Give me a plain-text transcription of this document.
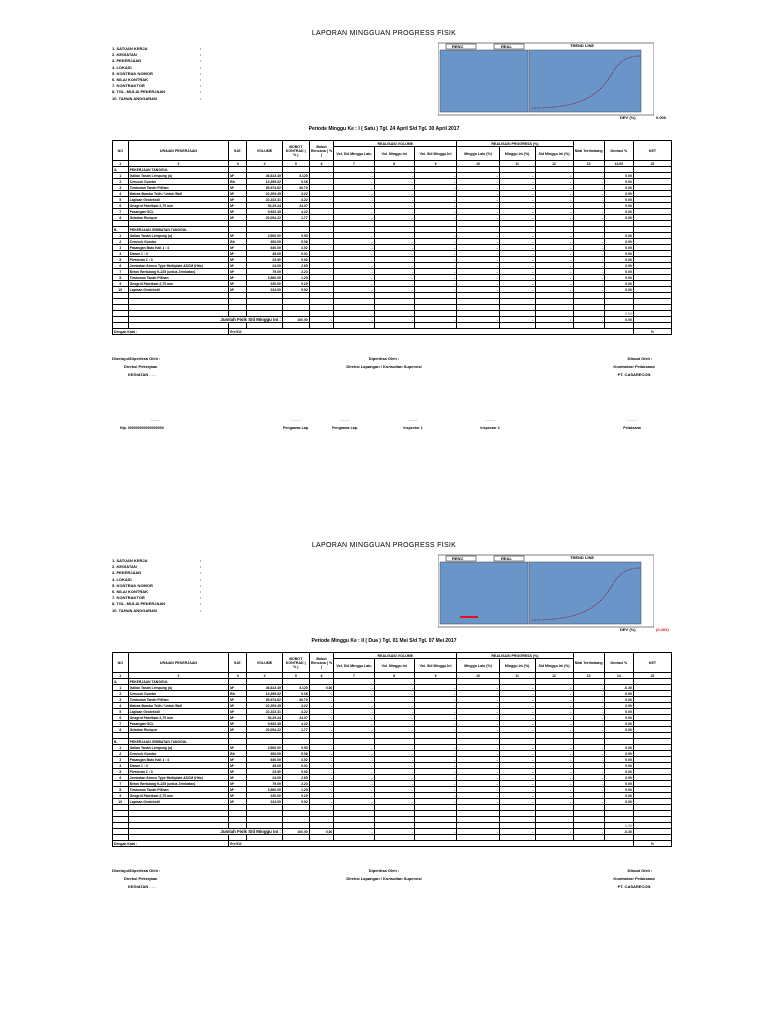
LAPORAN MINGGUAN PROGRESS FISIK
1. SATUAN KERJA	:
2. KEGIATAN	:
3. PEKERJAAN	:
4. LOKASI	:
5. KONTRAK NOMOR	:
6. NILAI KONTRAK	:
7. KONTRAKTOR	:
8. TGL. MULAI PEKERJAAN	:
10. TAHUN ANGGARAN	:
RENC	REAL	TREND LINE
DEV (%)	0.000
Periode Minggu Ke : I ( Satu ) Tgl. 24 April S/d Tgl. 30 April 2017
NO	URAIAN PEKERJAAN	SAT.	VOLUME	BOBOT KONTRAK ( % )	Bobot Rencana ( % )	REALISASI VOLUME			REALISASI PROGRESS (%)			Nilai Tertimbang	Deviasi %	KET
						Vol. S/d Minggu Lalu	Vol. Minggu Ini	Vol. S/d Minggu Ini	Minggu Lalu (%)	Minggu Ini (%)	S/d Minggu Ini (%)			
1	2	3	4	5	6	7	8	9	10	11	12	13	14.00	15
A.	PEKERJAAN TANGGUL													
1	Galian Tanah Lempung (a)	M³	46,813.45	3.125		-	-	-	-	-	-	-	0.00	
2	Cerucuk Gumbo	Bh	14,395.02	0.36		-	-	-	-	-	-	-	0.00	
3	Timbunan Tanah Pilihan	M³	95,974.62	40.70		-	-	-	-	-	-	-	0.00	
4	Matras Bambu Telih / Untuk Wall	M²	22,209.45	4.22		-	-	-	-	-	-	-	0.00	
5	Lapisan Geotekstil	M²	22,222.31	4.22		-	-	-	-	-	-	-	0.00	
6	Geogrid Fabrikasi 2,75 mm	M²	52,29.34	24.07		-	-	-	-	-	-	-	0.00	
7	Pasangan GCL	M²	9,932.45	4.22		-	-	-	-	-	-	-	0.00	
8	Gebalan Rumput	M²	20,054.22	1.77		-	-	-	-	-	-	-	0.00	

B.	PEKERJAAN JEMBATAN TANGGUL													
1	Galian Tanah Lempung (a)	M³	2,500.00	0.55		-	-	-	-	-	-	-	0.00	
2	Cerucuk Gumbo	Bh	400.00	0.06		-	-	-	-	-	-	-	0.00	
3	Pasangan Batu Kali 1 : 4	M³	640.00	2.02		-	-	-	-	-	-	-	0.00	
4	Siaran 1 : 3	M²	45.00	0.01		-	-	-	-	-	-	-	0.00	
5	Plesteran 1 : 3	M²	23.50	0.00		-	-	-	-	-	-	-	0.00	
6	Jembatan Armco Type Multiplate ASCM (Hits)	M¹	24.00	2.65		-	-	-	-	-	-	-	0.00	
7	Beton Bertulang K-225 (untuk Jembatan)	M³	79.00	2.23		-	-	-	-	-	-	-	0.00	
8	Timbunan Tanah Pilihan	M³	2,500.00	1.25		-	-	-	-	-	-	-	0.00	
9	Geogrid Fabrikasi 2,75 mm	M²	220.00	0.20		-	-	-	-	-	-	-	0.00	
10	Lapisan Geotekstil	M²	224.00	0.02		-	-	-	-	-	-	-	0.00	

													0.00	
	Jumlah Fisik S/d Minggu ini :			100.00	-	-	-	-	-	-	-	-	0.00	

Dengan Kata :		Err:511												%
Disetujui/Diperiksa Oleh :
Direksi Pekerjaan
KEGIATAN . . .
Diperiksa Oleh :
Direksi Lapangan / Konsultan Supervisi
Dibuat Oleh :
Kontraktor Pelaksana
PT. CASARECON
. . . . .
Nip. 000000000000000000
. . . . .
Pengawas Lap.
. . . . .
Pengawas Lap.
. . . . .
Inspector 1
. . . . .
Inspector 2
. . . . .
Pelaksana
LAPORAN MINGGUAN PROGRESS FISIK
1. SATUAN KERJA	:
2. KEGIATAN	:
3. PEKERJAAN	:
4. LOKASI	:
5. KONTRAK NOMOR	:
6. NILAI KONTRAK	:
7. KONTRAKTOR	:
8. TGL. MULAI PEKERJAAN	:
10. TAHUN ANGGARAN	:
RENC	REAL	TREND LINE
DEV (%)	(0.302)
Periode Minggu Ke : II ( Dua ) Tgl. 01 Mei S/d Tgl. 07 Mei 2017
NO	URAIAN PEKERJAAN	SAT.	VOLUME	BOBOT KONTRAK ( % )	Bobot Rencana ( % )	REALISASI VOLUME			REALISASI PROGRESS (%)			Nilai Tertimbang	Deviasi %	KET
						Vol. S/d Minggu Lalu	Vol. Minggu Ini	Vol. S/d Minggu Ini	Minggu Lalu (%)	Minggu Ini (%)	S/d Minggu Ini (%)			
1	2	3	4	5	6	7	8	9	10	11	12	13	14	15
A.	PEKERJAAN TANGGUL													
1	Galian Tanah Lempung (a)	M³	46,813.45	3.125	0.30	-	-	-	-	-	-	-	-0.30	
2	Cerucuk Gumbo	Bh	14,395.02	0.36	-	-	-	-	-	-	-	-	0.00	
3	Timbunan Tanah Pilihan	M³	95,974.62	40.70	-	-	-	-	-	-	-	-	0.00	
4	Matras Bambu Telih / Untuk Wall	M²	22,209.45	4.22	-	-	-	-	-	-	-	-	0.00	
5	Lapisan Geotekstil	M²	22,222.31	4.22	-	-	-	-	-	-	-	-	0.00	
6	Geogrid Fabrikasi 2,75 mm	M²	52,29.34	24.07	-	-	-	-	-	-	-	-	0.00	
7	Pasangan GCL	M²	9,932.45	4.22	-	-	-	-	-	-	-	-	0.00	
8	Gebalan Rumput	M²	20,054.22	1.77	-	-	-	-	-	-	-	-	0.00	

B.	PEKERJAAN JEMBATAN TANGGUL													
1	Galian Tanah Lempung (a)	M³	2,500.00	0.55	-	-	-	-	-	-	-	-	0.00	
2	Cerucuk Gumbo	Bh	400.00	0.06	-	-	-	-	-	-	-	-	0.00	
3	Pasangan Batu Kali 1 : 4	M³	640.00	2.02	-	-	-	-	-	-	-	-	0.00	
4	Siaran 1 : 3	M²	45.00	0.01	-	-	-	-	-	-	-	-	0.00	
5	Plesteran 1 : 3	M²	23.50	0.00	-	-	-	-	-	-	-	-	0.00	
6	Jembatan Armco Type Multiplate ASCM (Hits)	M¹	24.00	2.65	-	-	-	-	-	-	-	-	0.00	
7	Beton Bertulang K-225 (untuk Jembatan)	M³	79.00	2.23	-	-	-	-	-	-	-	-	0.00	
8	Timbunan Tanah Pilihan	M³	2,500.00	1.25	-	-	-	-	-	-	-	-	0.00	
9	Geogrid Fabrikasi 2,75 mm	M²	220.00	0.20	-	-	-	-	-	-	-	-	0.00	
10	Lapisan Geotekstil	M²	224.00	0.02	-	-	-	-	-	-	-	-	0.00	

													0.30	
	Jumlah Fisik S/d Minggu ini :			100.00	0.30	-	-	-	-	-	-	-	-0.30	

Dengan Kata :		Err:511												%
Disetujui/Diperiksa Oleh :
Direksi Pekerjaan
KEGIATAN . . .
Diperiksa Oleh :
Direksi Lapangan / Konsultan Supervisi
Dibuat Oleh :
Kontraktor Pelaksana
PT. CASARECON
